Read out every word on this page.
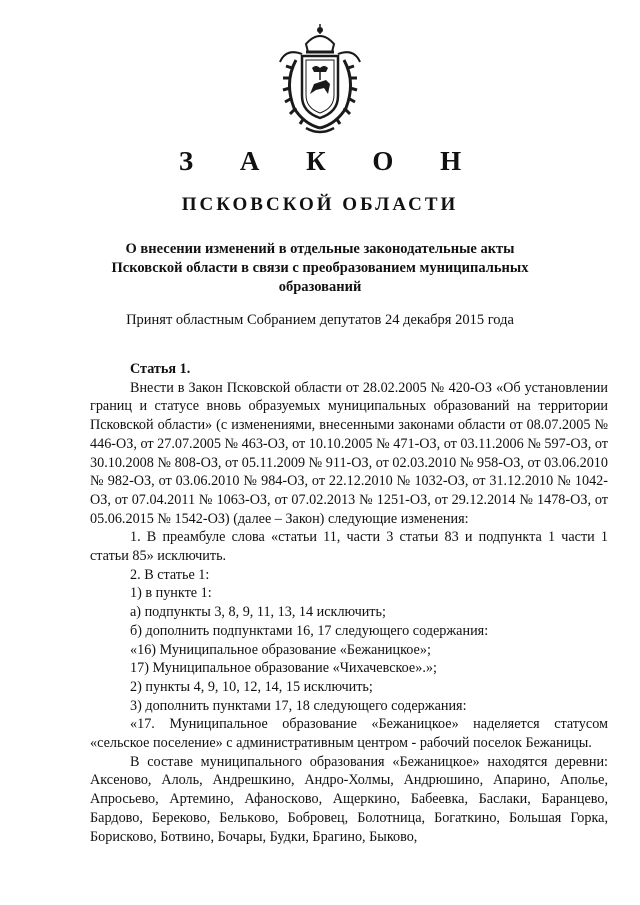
З А К О Н
ПСКОВСКОЙ ОБЛАСТИ
О внесении изменений в отдельные законодательные акты Псковской области в связи с преобразованием муниципальных образований
Принят областным Собранием депутатов 24 декабря 2015 года

Статья 1.

Внести в Закон Псковской области от 28.02.2005 № 420-ОЗ «Об установлении границ и статусе вновь образуемых муниципальных образований на территории Псковской области» (с изменениями, внесенными законами области от 08.07.2005 № 446-ОЗ, от 27.07.2005 № 463-ОЗ, от 10.10.2005 № 471-ОЗ, от 03.11.2006 № 597-ОЗ, от 30.10.2008 № 808-ОЗ, от 05.11.2009 № 911-ОЗ, от 02.03.2010 № 958-ОЗ, от 03.06.2010 № 982-ОЗ, от 03.06.2010 № 984-ОЗ, от 22.12.2010 № 1032-ОЗ, от 31.12.2010 № 1042-ОЗ, от 07.04.2011 № 1063-ОЗ, от 07.02.2013 № 1251-ОЗ, от 29.12.2014 № 1478-ОЗ, от 05.06.2015 № 1542-ОЗ) (далее – Закон) следующие изменения:

1. В преамбуле слова «статьи 11, части 3 статьи 83 и подпункта 1 части 1 статьи 85» исключить.

2. В статье 1:

1) в пункте 1:

а) подпункты 3, 8, 9, 11, 13, 14 исключить;

б) дополнить подпунктами 16, 17 следующего содержания:

«16) Муниципальное образование «Бежаницкое»;

17) Муниципальное образование «Чихачевское».»;

2) пункты 4, 9, 10, 12, 14, 15 исключить;

3) дополнить пунктами 17, 18 следующего содержания:

«17. Муниципальное образование «Бежаницкое» наделяется статусом «сельское поселение» с административным центром - рабочий поселок Бежаницы.

В составе муниципального образования «Бежаницкое» находятся деревни: Аксеново, Алоль, Андрешкино, Андро-Холмы, Андрюшино, Апарино, Аполье, Апросьево, Артемино, Афаноскoво, Ащеркино, Бабеевка, Баслаки, Баранцево, Бардово, Береково, Белькoво, Бобровец, Болотница, Богаткино, Большая Горка, Борисково, Ботвино, Бочары, Будки, Брагино, Быково,
